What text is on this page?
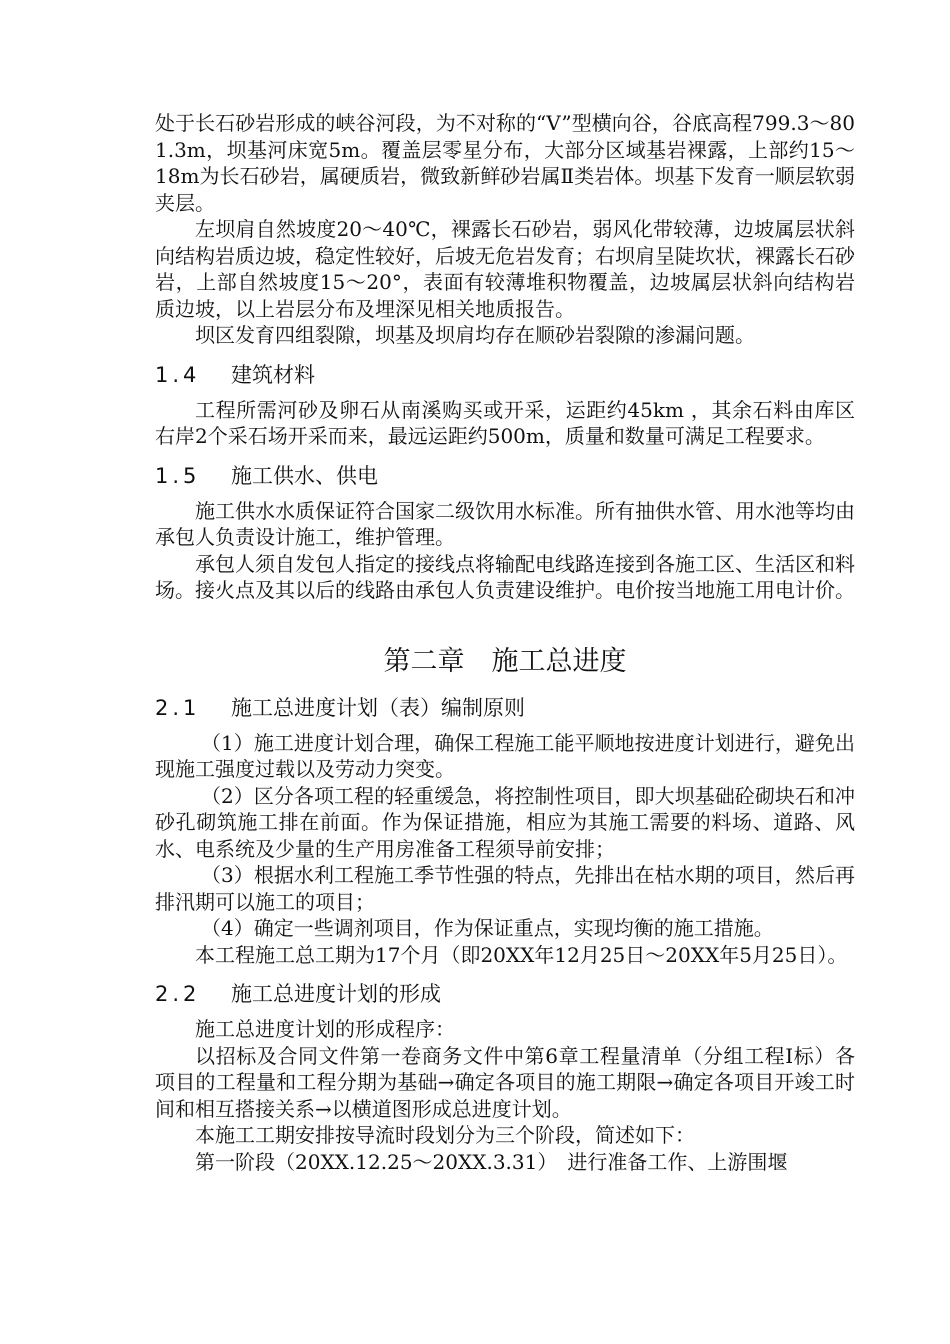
处于长石砂岩形成的峡谷河段，为不对称的“V”型横向谷，谷底高程799.3～801.3m，坝基河床宽5m。覆盖层零星分布，大部分区域基岩裸露，上部约15～18m为长石砂岩，属硬质岩，微致新鲜砂岩属Ⅱ类岩体。坝基下发育一顺层软弱夹层。

左坝肩自然坡度20～40℃，裸露长石砂岩，弱风化带较薄，边坡属层状斜向结构岩质边坡，稳定性较好，后坡无危岩发育；右坝肩呈陡坎状，裸露长石砂岩，上部自然坡度15～20°，表面有较薄堆积物覆盖，边坡属层状斜向结构岩质边坡，以上岩层分布及埋深见相关地质报告。

坝区发育四组裂隙，坝基及坝肩均存在顺砂岩裂隙的渗漏问题。

1.4 建筑材料

工程所需河砂及卵石从南溪购买或开采，运距约45km ，其余石料由库区右岸2个采石场开采而来，最远运距约500m，质量和数量可满足工程要求。

1.5 施工供水、供电

施工供水水质保证符合国家二级饮用水标准。所有抽供水管、用水池等均由承包人负责设计施工，维护管理。

承包人须自发包人指定的接线点将输配电线路连接到各施工区、生活区和料场。接火点及其以后的线路由承包人负责建设维护。电价按当地施工用电计价。

第二章　施工总进度
2.1 施工总进度计划（表）编制原则

（1）施工进度计划合理，确保工程施工能平顺地按进度计划进行，避免出现施工强度过载以及劳动力突变。

（2）区分各项工程的轻重缓急，将控制性项目，即大坝基础砼砌块石和冲砂孔砌筑施工排在前面。作为保证措施，相应为其施工需要的料场、道路、风水、电系统及少量的生产用房准备工程须导前安排；

（3）根据水利工程施工季节性强的特点，先排出在枯水期的项目，然后再排汛期可以施工的项目；

（4）确定一些调剂项目，作为保证重点，实现均衡的施工措施。

本工程施工总工期为17个月（即20XX年12月25日～20XX年5月25日）。

2.2 施工总进度计划的形成

施工总进度计划的形成程序：

以招标及合同文件第一卷商务文件中第6章工程量清单（分组工程Ⅰ标）各项目的工程量和工程分期为基础→确定各项目的施工期限→确定各项目开竣工时间和相互搭接关系→以横道图形成总进度计划。

本施工工期安排按导流时段划分为三个阶段，简述如下：

第一阶段（20XX.12.25～20XX.3.31）　进行准备工作、上游围堰
